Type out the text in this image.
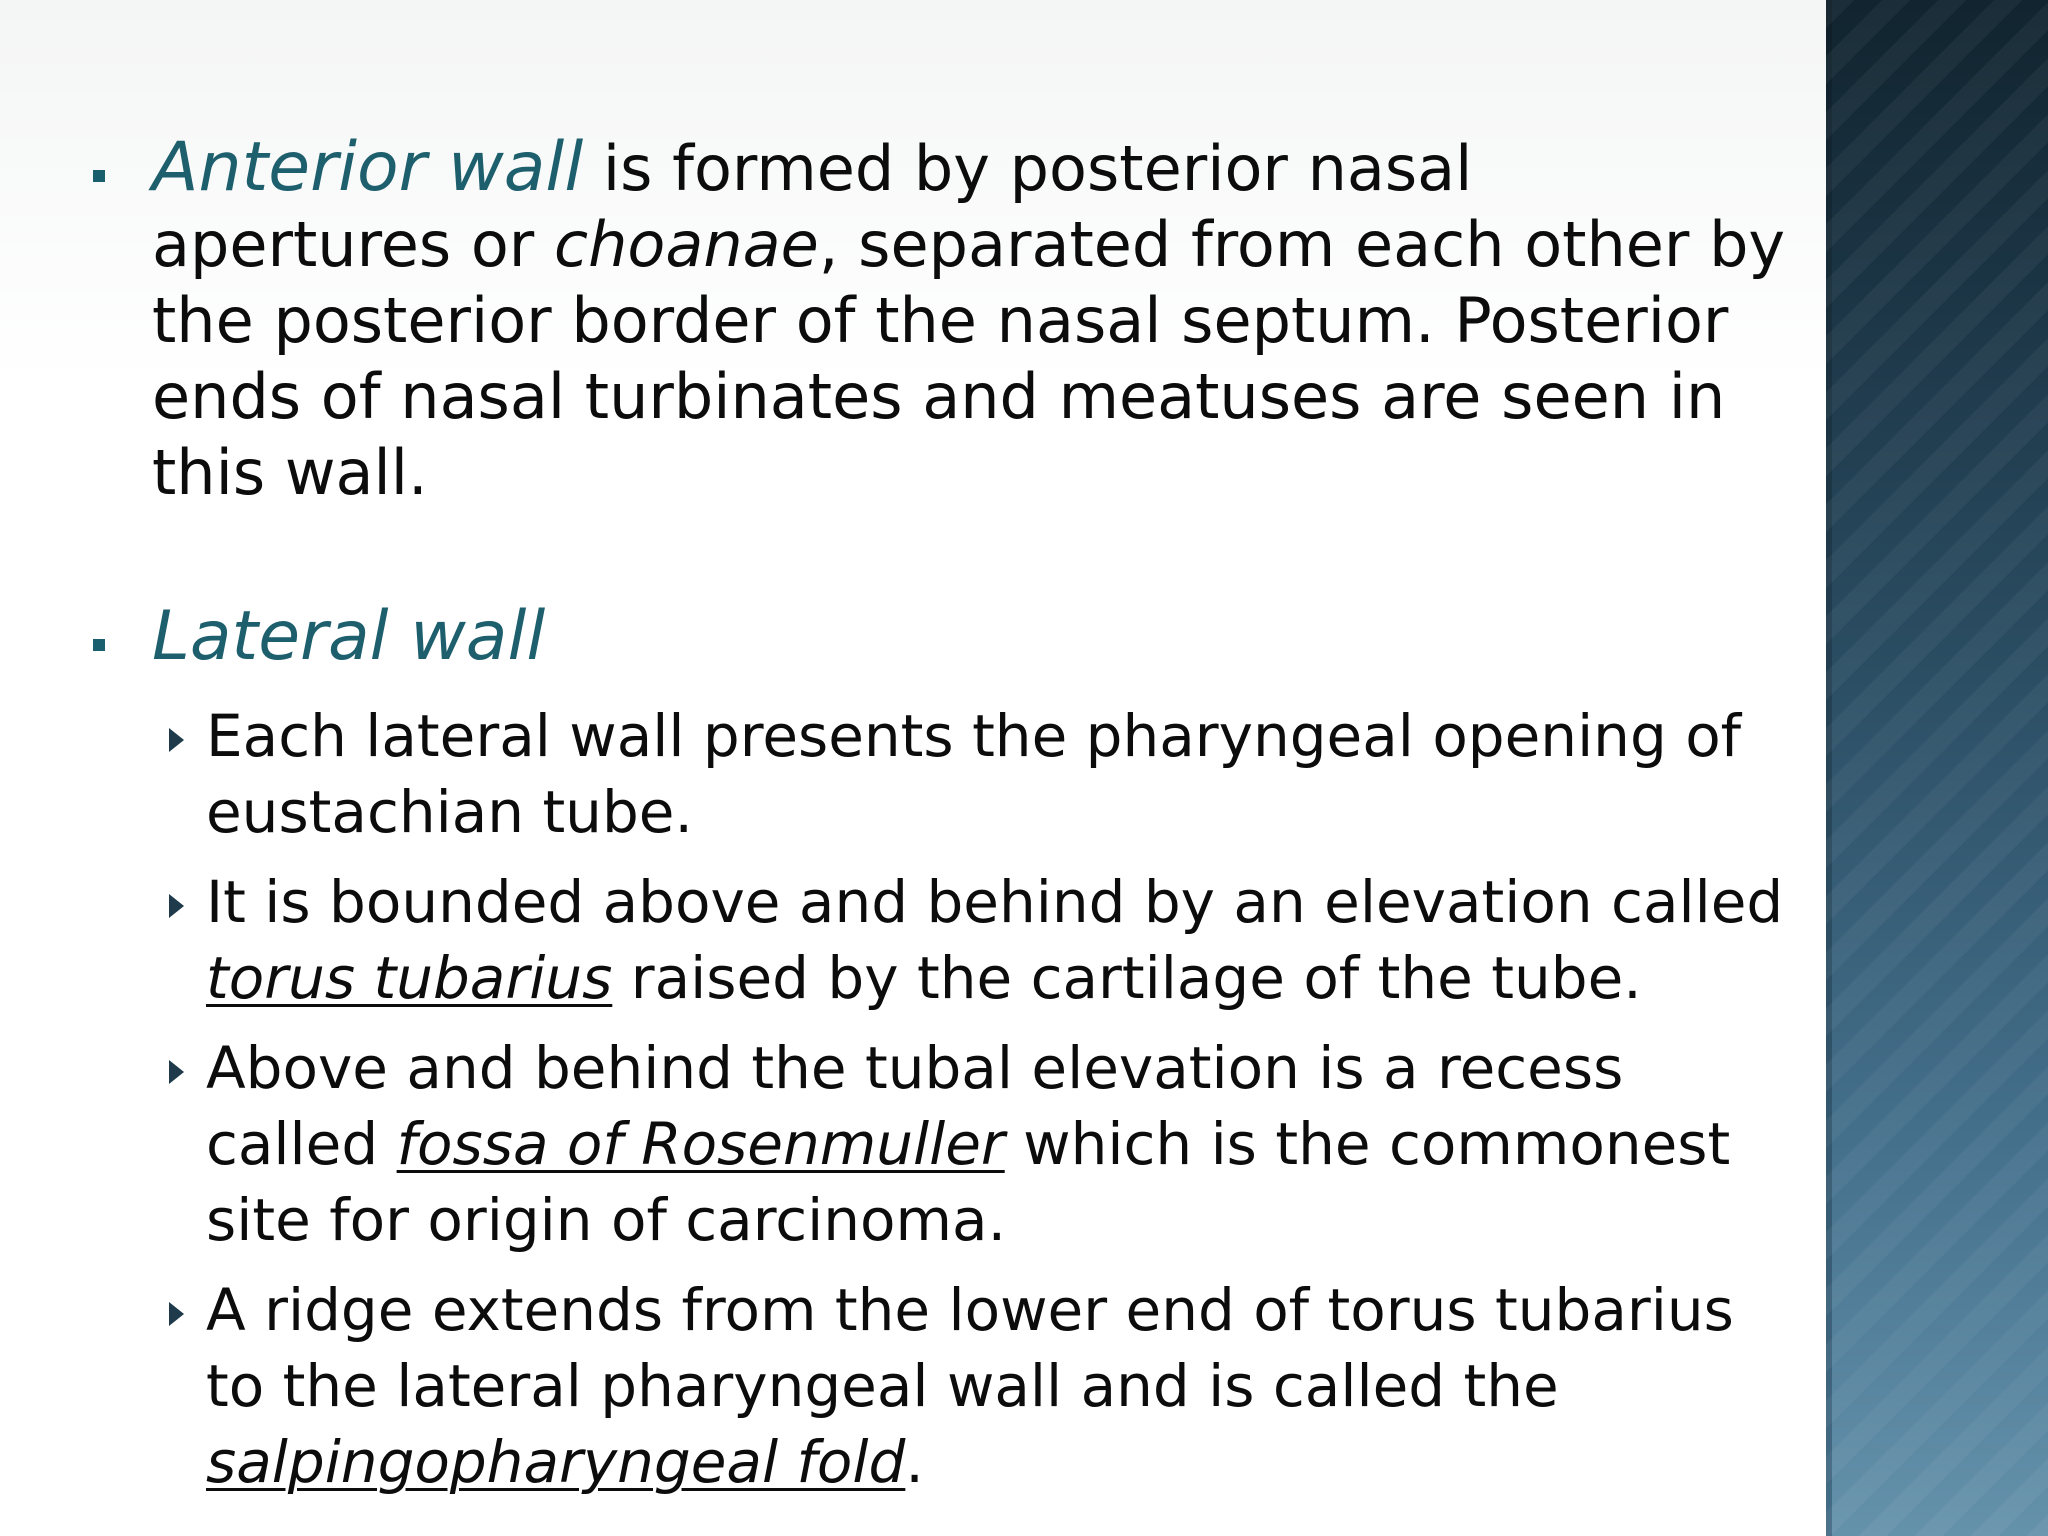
Anterior wall is formed by posterior nasal apertures or choanae, separated from each other by the posterior border of the nasal septum. Posterior ends of nasal turbinates and meatuses are seen in this wall.
Lateral wall
Each lateral wall presents the pharyngeal opening of eustachian tube.
It is bounded above and behind by an elevation called torus tubarius raised by the cartilage of the tube.
Above and behind the tubal elevation is a recess called fossa of Rosenmuller which is the commonest site for origin of carcinoma.
A ridge extends from the lower end of torus tubarius to the lateral pharyngeal wall and is called the salpingopharyngeal fold.
